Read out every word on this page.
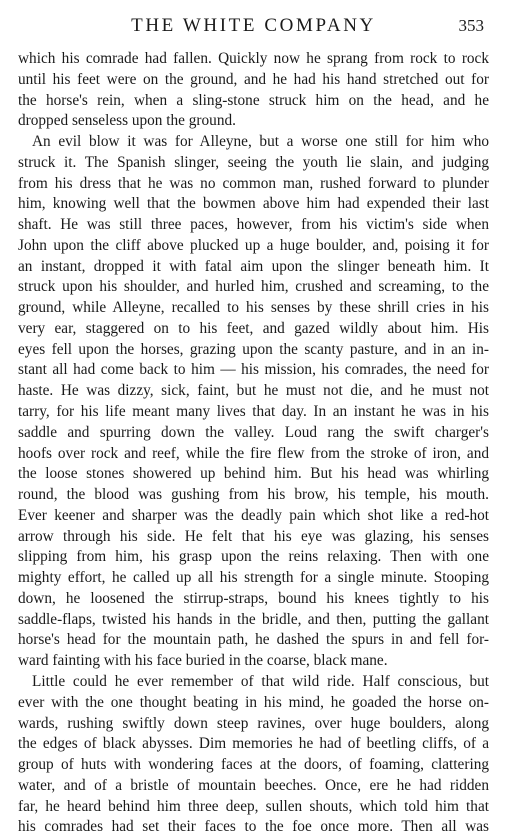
THE WHITE COMPANY	353
which his comrade had fallen. Quickly now he sprang from rock to rock
until his feet were on the ground, and he had his hand stretched out for
the horse's rein, when a sling-stone struck him on the head, and he
dropped senseless upon the ground.
An evil blow it was for Alleyne, but a worse one still for him who
struck it. The Spanish slinger, seeing the youth lie slain, and judging
from his dress that he was no common man, rushed forward to plunder
him, knowing well that the bowmen above him had expended their last
shaft. He was still three paces, however, from his victim's side when
John upon the cliff above plucked up a huge boulder, and, poising it for
an instant, dropped it with fatal aim upon the slinger beneath him. It
struck upon his shoulder, and hurled him, crushed and screaming, to the
ground, while Alleyne, recalled to his senses by these shrill cries in his
very ear, staggered on to his feet, and gazed wildly about him. His
eyes fell upon the horses, grazing upon the scanty pasture, and in an in-
stant all had come back to him — his mission, his comrades, the need for
haste. He was dizzy, sick, faint, but he must not die, and he must not
tarry, for his life meant many lives that day. In an instant he was in his
saddle and spurring down the valley. Loud rang the swift charger's
hoofs over rock and reef, while the fire flew from the stroke of iron, and
the loose stones showered up behind him. But his head was whirling
round, the blood was gushing from his brow, his temple, his mouth.
Ever keener and sharper was the deadly pain which shot like a red-hot
arrow through his side. He felt that his eye was glazing, his senses
slipping from him, his grasp upon the reins relaxing. Then with one
mighty effort, he called up all his strength for a single minute. Stooping
down, he loosened the stirrup-straps, bound his knees tightly to his
saddle-flaps, twisted his hands in the bridle, and then, putting the gallant
horse's head for the mountain path, he dashed the spurs in and fell for-
ward fainting with his face buried in the coarse, black mane.
Little could he ever remember of that wild ride. Half conscious, but
ever with the one thought beating in his mind, he goaded the horse on-
wards, rushing swiftly down steep ravines, over huge boulders, along
the edges of black abysses. Dim memories he had of beetling cliffs, of a
group of huts with wondering faces at the doors, of foaming, clattering
water, and of a bristle of mountain beeches. Once, ere he had ridden
far, he heard behind him three deep, sullen shouts, which told him that
his comrades had set their faces to the foe once more. Then all was
